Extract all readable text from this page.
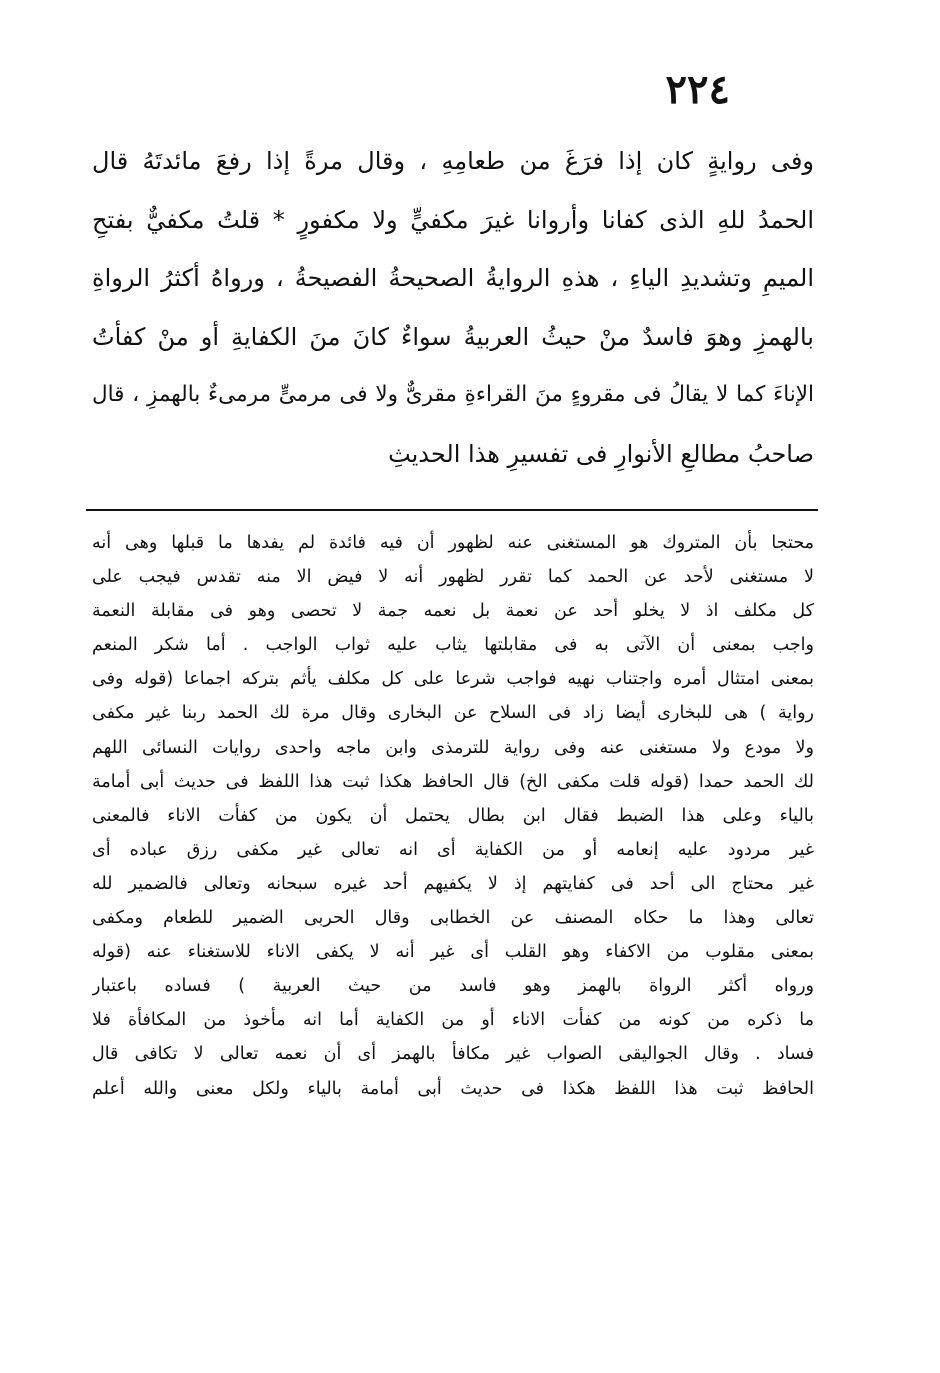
٢٢٤
وفى روايةٍ كان إذا فرَغَ من طعامِهِ ، وقال مرةً إذا رفعَ مائدتَهُ قال
الحمدُ للهِ الذى كفانا وأروانا غيرَ مكفيٍّ ولا مكفورٍ * قلتُ مكفيٌّ بفتحِ
الميمِ وتشديدِ الياءِ ، هذهِ الروايةُ الصحيحةُ الفصيحةُ ، ورواهُ أكثرُ الرواةِ
بالهمزِ وهوَ فاسدٌ منْ حيثُ العربيةُ سواءٌ كانَ منَ الكفايةِ أو منْ كفأتُ
الإناءَ كما لا يقالُ فى مقروءٍ منَ القراءةِ مقرىٌّ ولا فى مرمىٍّ مرمىءٌ بالهمزِ ، قال
صاحبُ مطالعِ الأنوارِ فى تفسيرِ هذا الحديثِ
محتجا بأن المتروك هو المستغنى عنه لظهور أن فيه فائدة لم يفدها ما قبلها وهى أنه
لا مستغنى لأحد عن الحمد كما تقرر لظهور أنه لا فيض الا منه تقدس فيجب على
كل مكلف اذ لا يخلو أحد عن نعمة بل نعمه جمة لا تحصى وهو فى مقابلة النعمة
واجب بمعنى أن الآتى به فى مقابلتها يثاب عليه ثواب الواجب . أما شكر المنعم
بمعنى امتثال أمره واجتناب نهيه فواجب شرعا على كل مكلف يأثم بتركه اجماعا (قوله وفى
رواية ) هى للبخارى أيضا زاد فى السلاح عن البخارى وقال مرة لك الحمد ربنا غير مكفى
ولا مودع ولا مستغنى عنه وفى رواية للترمذى وابن ماجه واحدى روايات النسائى اللهم
لك الحمد حمدا (قوله قلت مكفى الخ) قال الحافظ هكذا ثبت هذا اللفظ فى حديث أبى أمامة
بالياء وعلى هذا الضبط فقال ابن بطال يحتمل أن يكون من كفأت الاناء فالمعنى
غير مردود عليه إنعامه أو من الكفاية أى انه تعالى غير مكفى رزق عباده أى
غير محتاج الى أحد فى كفايتهم إذ لا يكفيهم أحد غيره سبحانه وتعالى فالضمير لله
تعالى وهذا ما حكاه المصنف عن الخطابى وقال الحربى الضمير للطعام ومكفى
بمعنى مقلوب من الاكفاء وهو القلب أى غير أنه لا يكفى الاناء للاستغناء عنه (قوله
ورواه أكثر الرواة بالهمز وهو فاسد من حيث العربية ) فساده باعتبار
ما ذكره من كونه من كفأت الاناء أو من الكفاية أما انه مأخوذ من المكافأة فلا
فساد . وقال الجواليقى الصواب غير مكافأ بالهمز أى أن نعمه تعالى لا تكافى قال
الحافظ ثبت هذا اللفظ هكذا فى حديث أبى أمامة بالياء ولكل معنى والله أعلم
